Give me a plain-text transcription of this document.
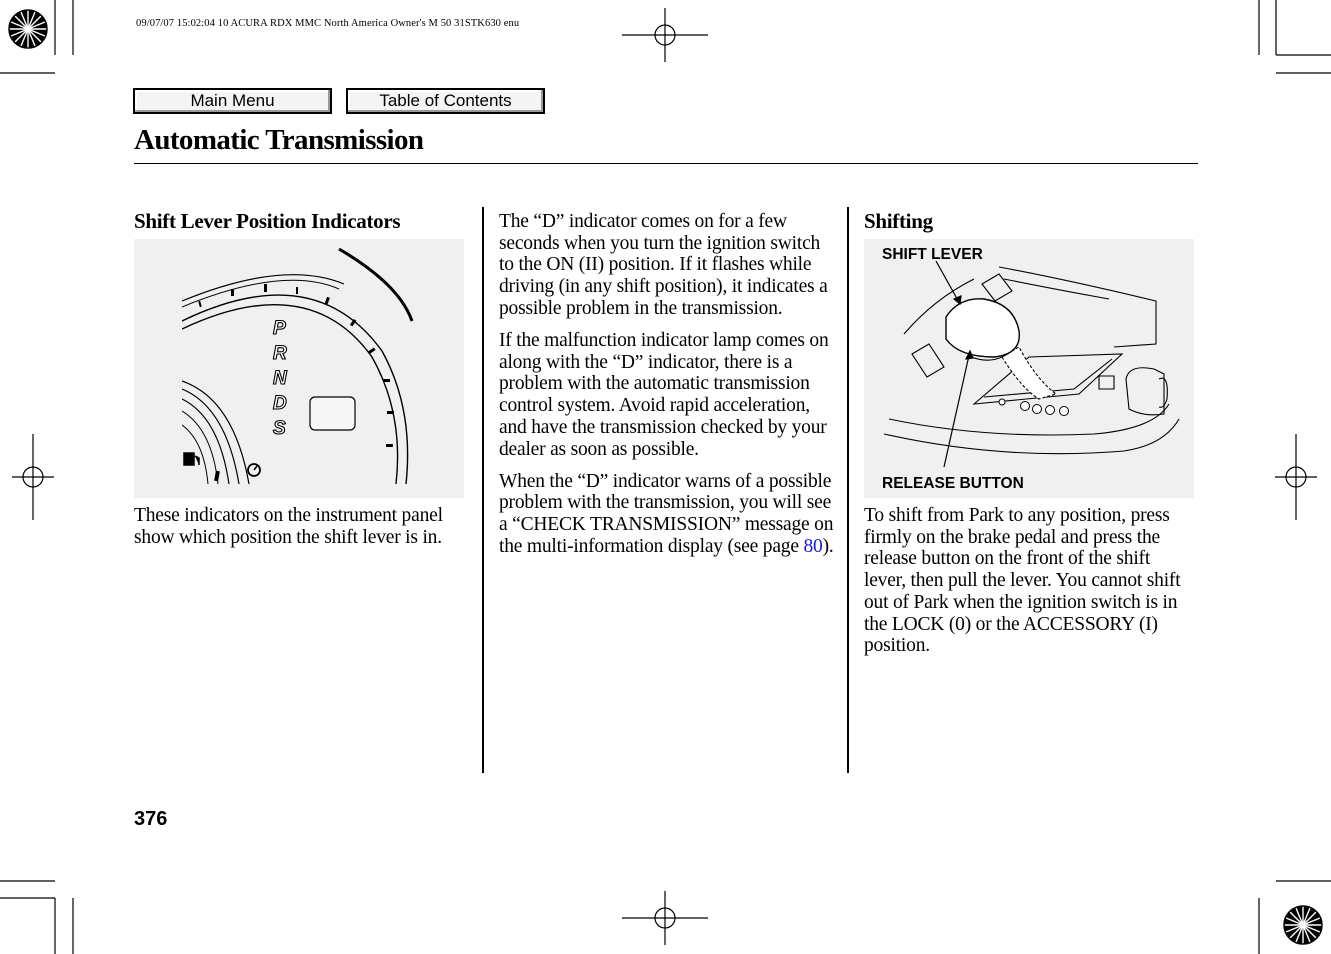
09/07/07 15:02:04 10 ACURA RDX MMC North America Owner's M 50 31STK630 enu
Main Menu	Table of Contents
Automatic Transmission
Shift Lever Position Indicators
P
R
N
D
S
These indicators on the instrument panel show which position the shift lever is in.

The “D” indicator comes on for a few seconds when you turn the ignition switch to the ON (II) position. If it flashes while driving (in any shift position), it indicates a possible problem in the transmission.

If the malfunction indicator lamp comes on along with the “D” indicator, there is a problem with the automatic transmission control system. Avoid rapid acceleration, and have the transmission checked by your dealer as soon as possible.

When the “D” indicator warns of a possible problem with the transmission, you will see a “CHECK TRANSMISSION” message on the multi-information display (see page 80).

Shifting
SHIFT LEVER
RELEASE BUTTON
To shift from Park to any position, press firmly on the brake pedal and press the release button on the front of the shift lever, then pull the lever. You cannot shift out of Park when the ignition switch is in the LOCK (0) or the ACCESSORY (I) position.
376
